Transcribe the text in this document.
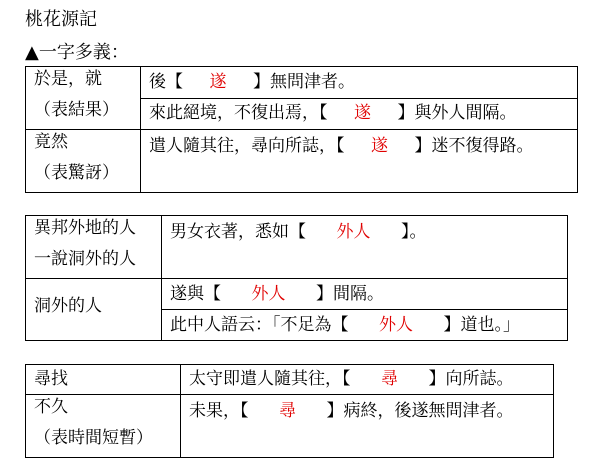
桃花源記
▲一字多義：
於是，就
（表結果）	後【 遂 】無問津者。
	來此絕境，不復出焉，【 遂 】與外人間隔。

竟然
（表驚訝）	遣人隨其往，尋向所誌，【 遂 】迷不復得路。
異邦外地的人
一說洞外的人	男女衣著，悉如【 外人 】。

洞外的人	遂與【 外人 】間隔。
	此中人語云：「不足為【 外人 】道也。」
尋找	太守即遣人隨其往，【 尋 】向所誌。

不久
（表時間短暫）	未果，【 尋 】病終，後遂無問津者。
